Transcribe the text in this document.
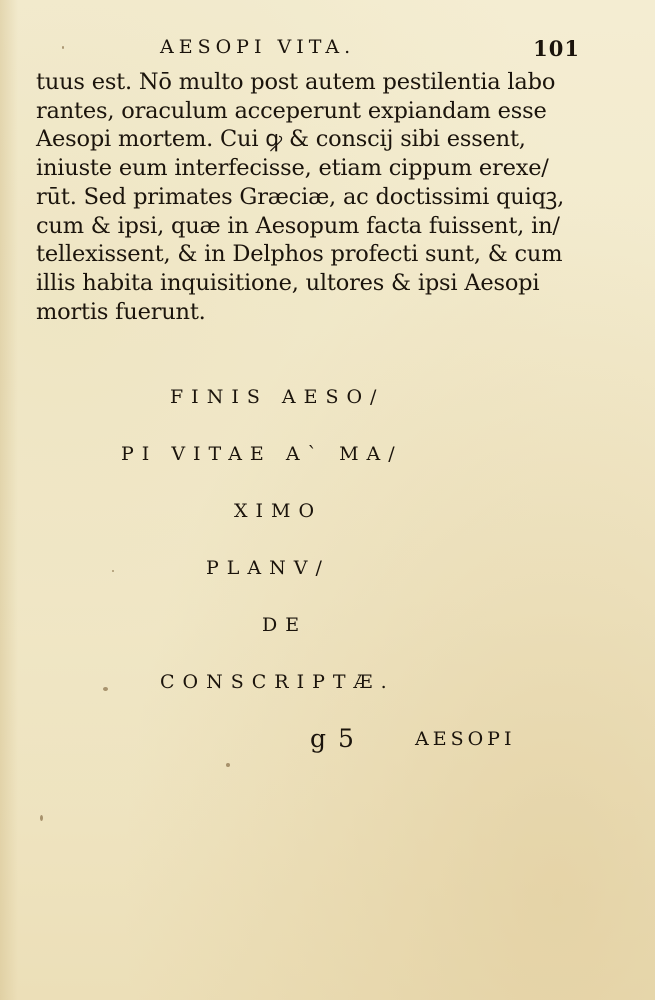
AESOPI VITA.	101
tuus est. Nō multo post autem pestilentia labo
rantes, oraculum acceperunt expiandam esse
Aesopi mortem. Cui ꝙ & conscij sibi essent,
iniuste eum interfecisse, etiam cippum erexe/
rūt. Sed primates Græciæ, ac doctissimi quiqꝫ,
cum & ipsi, quæ in Aesopum facta fuissent, in/
tellexissent, & in Delphos profecti sunt, & cum
illis habita inquisitione, ultores & ipsi Aesopi
mortis fuerunt.
FINIS AESO/
PI VITAE A` MA/
XIMO
PLANV/
DE
CONSCRIPTÆ.
g 5	AESOPI
